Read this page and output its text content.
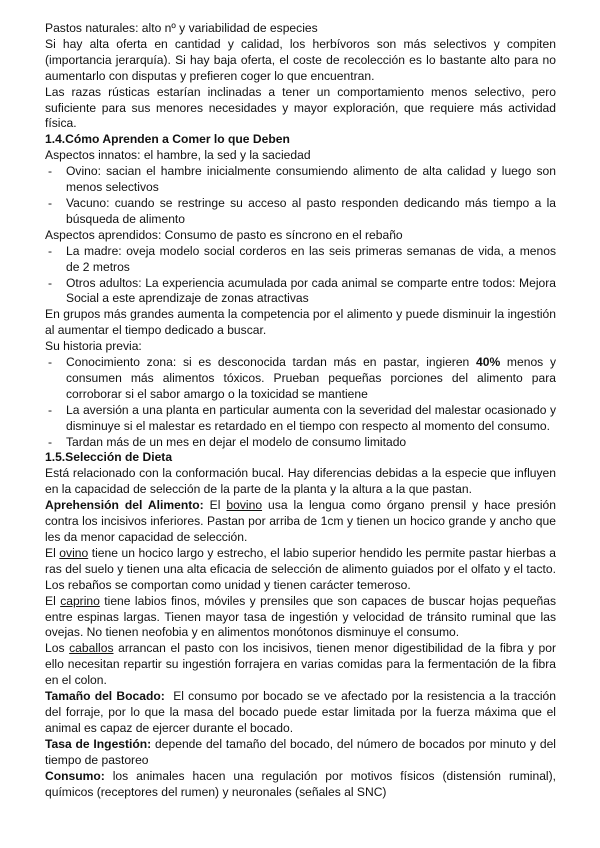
Pastos naturales: alto nº y variabilidad de especies

Si hay alta oferta en cantidad y calidad, los herbívoros son más selectivos y compiten (importancia jerarquía). Si hay baja oferta, el coste de recolección es lo bastante alto para no aumentarlo con disputas y prefieren coger lo que encuentran.

Las razas rústicas estarían inclinadas a tener un comportamiento menos selectivo, pero suficiente para sus menores necesidades y mayor exploración, que requiere más actividad física.

1.4.Cómo Aprenden a Comer lo que Deben

Aspectos innatos: el hambre, la sed y la saciedad

- Ovino: sacian el hambre inicialmente consumiendo alimento de alta calidad y luego son menos selectivos
- Vacuno: cuando se restringe su acceso al pasto responden dedicando más tiempo a la búsqueda de alimento

Aspectos aprendidos: Consumo de pasto es síncrono en el rebaño

- La madre: oveja modelo social corderos en las seis primeras semanas de vida, a menos de 2 metros
- Otros adultos: La experiencia acumulada por cada animal se comparte entre todos: Mejora Social a este aprendizaje de zonas atractivas

En grupos más grandes aumenta la competencia por el alimento y puede disminuir la ingestión al aumentar el tiempo dedicado a buscar.

Su historia previa:

- Conocimiento zona: si es desconocida tardan más en pastar, ingieren 40% menos y consumen más alimentos tóxicos. Prueban pequeñas porciones del alimento para corroborar si el sabor amargo o la toxicidad se mantiene
- La aversión a una planta en particular aumenta con la severidad del malestar ocasionado y disminuye si el malestar es retardado en el tiempo con respecto al momento del consumo.
- Tardan más de un mes en dejar el modelo de consumo limitado
1.5.Selección de Dieta

Está relacionado con la conformación bucal. Hay diferencias debidas a la especie que influyen en la capacidad de selección de la parte de la planta y la altura a la que pastan.

Aprehensión del Alimento: El bovino usa la lengua como órgano prensil y hace presión contra los incisivos inferiores. Pastan por arriba de 1cm y tienen un hocico grande y ancho que les da menor capacidad de selección.

El ovino tiene un hocico largo y estrecho, el labio superior hendido les permite pastar hierbas a ras del suelo y tienen una alta eficacia de selección de alimento guiados por el olfato y el tacto. Los rebaños se comportan como unidad y tienen carácter temeroso.

El caprino tiene labios finos, móviles y prensiles que son capaces de buscar hojas pequeñas entre espinas largas. Tienen mayor tasa de ingestión y velocidad de tránsito ruminal que las ovejas. No tienen neofobia y en alimentos monótonos disminuye el consumo.

Los caballos arrancan el pasto con los incisivos, tienen menor digestibilidad de la fibra y por ello necesitan repartir su ingestión forrajera en varias comidas para la fermentación de la fibra en el colon.

Tamaño del Bocado:  El consumo por bocado se ve afectado por la resistencia a la tracción del forraje, por lo que la masa del bocado puede estar limitada por la fuerza máxima que el animal es capaz de ejercer durante el bocado.

Tasa de Ingestión: depende del tamaño del bocado, del número de bocados por minuto y del tiempo de pastoreo

Consumo: los animales hacen una regulación por motivos físicos (distensión ruminal), químicos (receptores del rumen) y neuronales (señales al SNC)
